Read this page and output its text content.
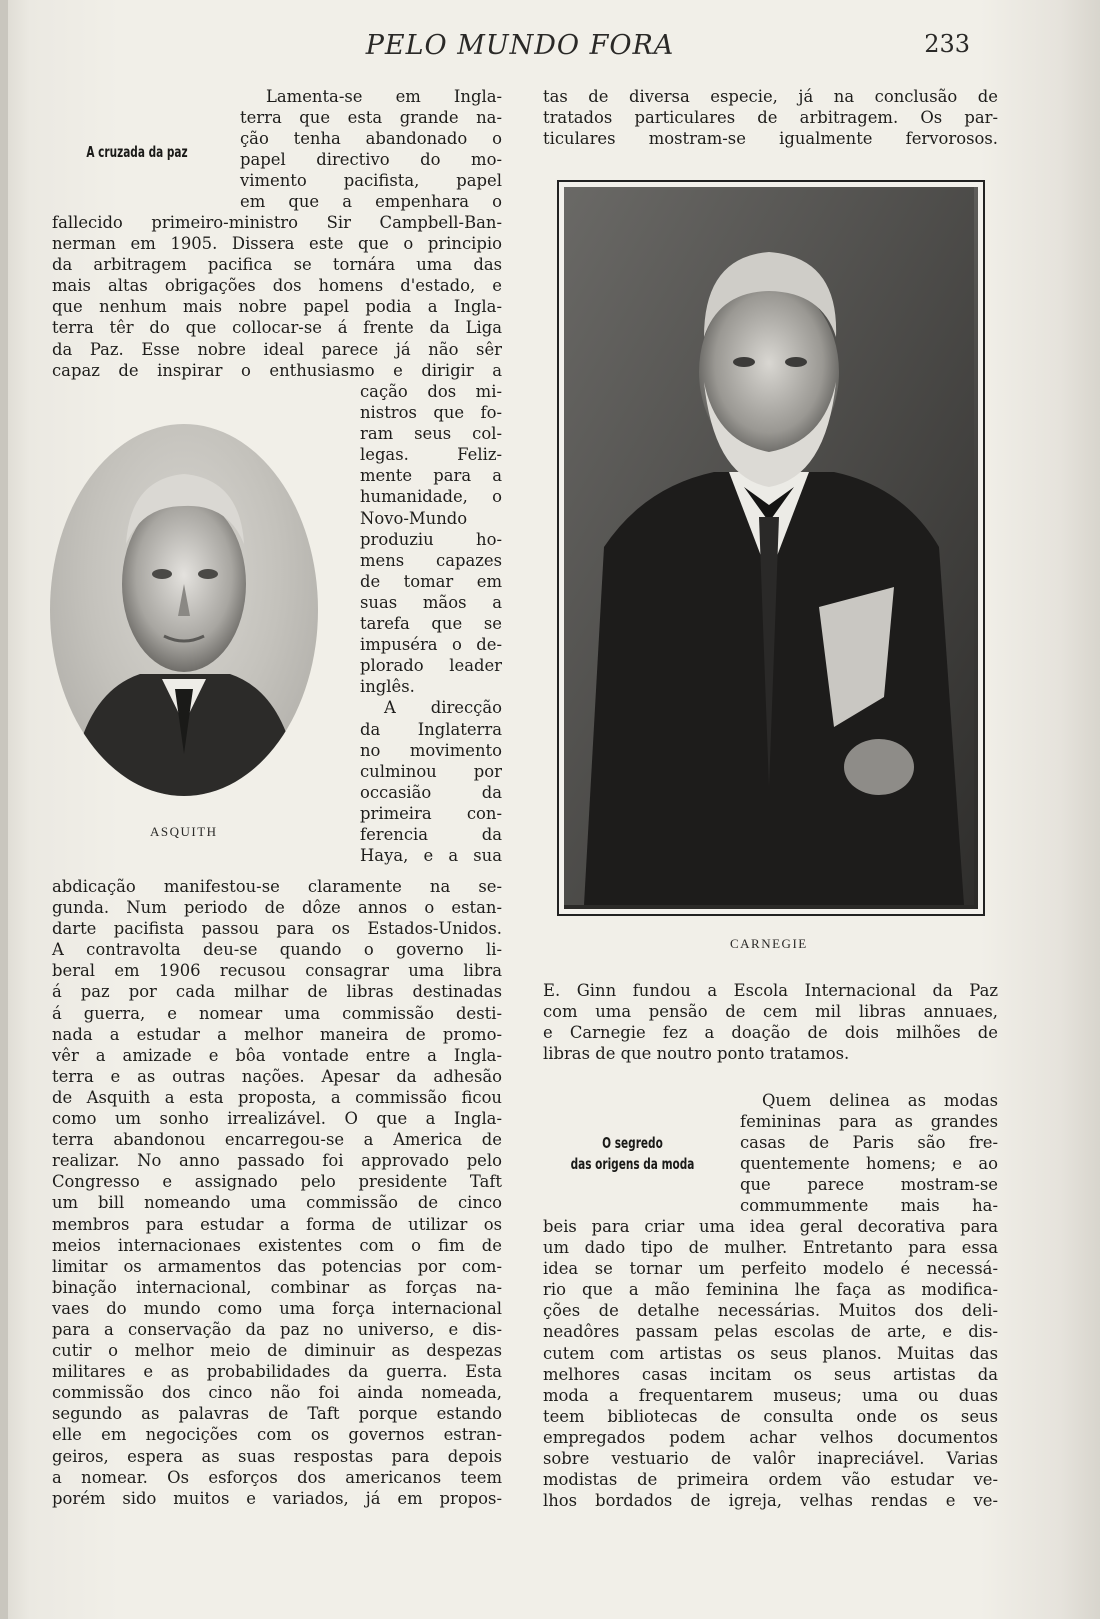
PELO MUNDO FORA	233
A cruzada da paz
Lamenta-se em Ingla-
terra que esta grande na-
ção tenha abandonado o
papel directivo do mo-
vimento pacifista, papel
em que a empenhara o
fallecido primeiro-ministro Sir Campbell-Ban-
nerman em 1905. Dissera este que o principio
da arbitragem pacifica se tornára uma das
mais altas obrigações dos homens d'estado, e
que nenhum mais nobre papel podia a Ingla-
terra têr do que collocar-se á frente da Liga
da Paz. Esse nobre ideal parece já não sêr
capaz de inspirar o enthusiasmo e dirigir a
ASQUITH
cação dos mi-
nistros que fo-
ram seus col-
legas. Feliz-
mente para a
humanidade, o
Novo-Mundo
produziu ho-
mens capazes
de tomar em
suas mãos a
tarefa que se
impuséra o de-
plorado leader
inglês.
A direcção
da Inglaterra
no movimento
culminou por
occasião da
primeira con-
ferencia da
Haya, e a sua
abdicação manifestou-se claramente na se-
gunda. Num periodo de dôze annos o estan-
darte pacifista passou para os Estados-Unidos.
A contravolta deu-se quando o governo li-
beral em 1906 recusou consagrar uma libra
á paz por cada milhar de libras destinadas
á guerra, e nomear uma commissão desti-
nada a estudar a melhor maneira de promo-
vêr a amizade e bôa vontade entre a Ingla-
terra e as outras nações. Apesar da adhesão
de Asquith a esta proposta, a commissão ficou
como um sonho irrealizável. O que a Ingla-
terra abandonou encarregou-se a America de
realizar. No anno passado foi approvado pelo
Congresso e assignado pelo presidente Taft
um bill nomeando uma commissão de cinco
membros para estudar a forma de utilizar os
meios internacionaes existentes com o fim de
limitar os armamentos das potencias por com-
binação internacional, combinar as forças na-
vaes do mundo como uma força internacional
para a conservação da paz no universo, e dis-
cutir o melhor meio de diminuir as despezas
militares e as probabilidades da guerra. Esta
commissão dos cinco não foi ainda nomeada,
segundo as palavras de Taft porque estando
elle em negocições com os governos estran-
geiros, espera as suas respostas para depois
a nomear. Os esforços dos americanos teem
porém sido muitos e variados, já em propos-
tas de diversa especie, já na conclusão de
tratados particulares de arbitragem. Os par-
ticulares mostram-se igualmente fervorosos.
CARNEGIE
E. Ginn fundou a Escola Internacional da Paz
com uma pensão de cem mil libras annuaes,
e Carnegie fez a doação de dois milhões de
libras de que noutro ponto tratamos.
O segredo
das origens da moda
Quem delinea as modas
femininas para as grandes
casas de Paris são fre-
quentemente homens; e ao
que parece mostram-se
commummente mais ha-
beis para criar uma idea geral decorativa para
um dado tipo de mulher. Entretanto para essa
idea se tornar um perfeito modelo é necessá-
rio que a mão feminina lhe faça as modifica-
ções de detalhe necessárias. Muitos dos deli-
neadôres passam pelas escolas de arte, e dis-
cutem com artistas os seus planos. Muitas das
melhores casas incitam os seus artistas da
moda a frequentarem museus; uma ou duas
teem bibliotecas de consulta onde os seus
empregados podem achar velhos documentos
sobre vestuario de valôr inapreciável. Varias
modistas de primeira ordem vão estudar ve-
lhos bordados de igreja, velhas rendas e ve-
